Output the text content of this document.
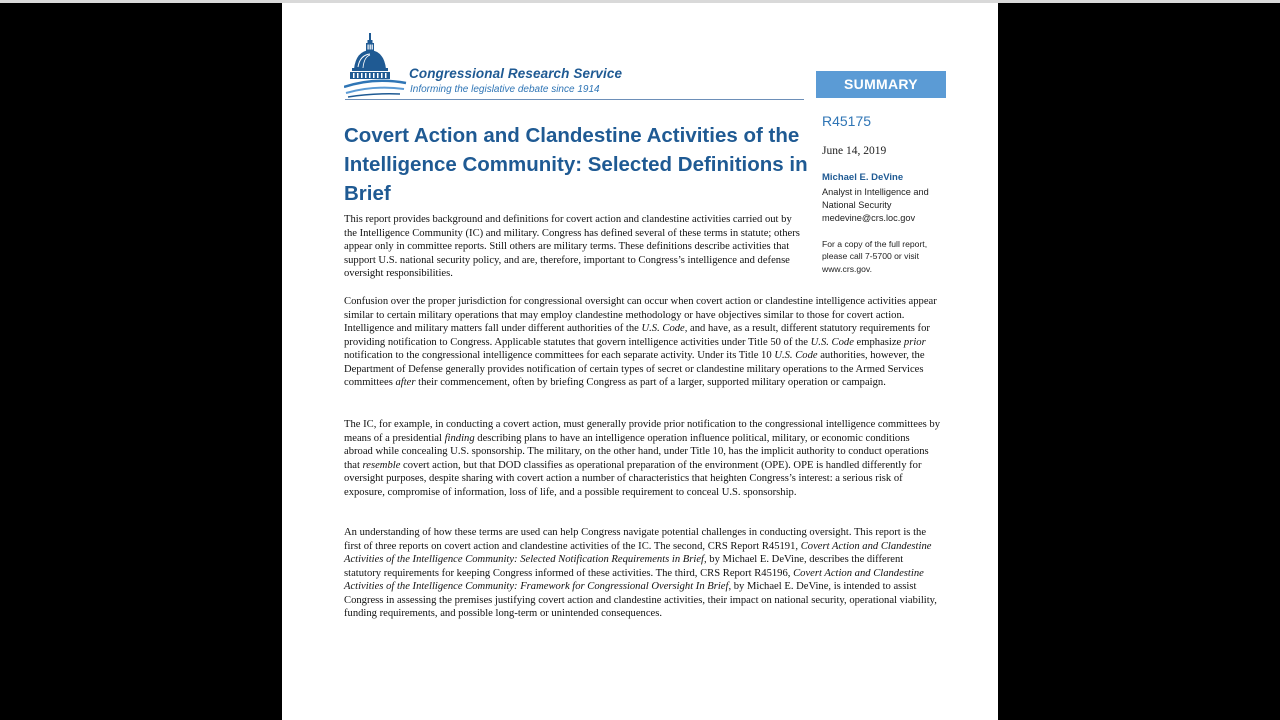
Congressional Research Service
Informing the legislative debate since 1914	SUMMARY
R45175
June 14, 2019
Michael E. DeVine
Analyst in Intelligence and
National Security
medevine@crs.loc.gov
For a copy of the full report, please call 7-5700 or visit www.crs.gov.
Covert Action and Clandestine Activities of the Intelligence Community: Selected Definitions in Brief

This report provides background and definitions for covert action and clandestine activities carried out by the Intelligence Community (IC) and military. Congress has defined several of these terms in statute; others appear only in committee reports. Still others are military terms. These definitions describe activities that support U.S. national security policy, and are, therefore, important to Congress’s intelligence and defense oversight responsibilities.

Confusion over the proper jurisdiction for congressional oversight can occur when covert action or clandestine intelligence activities appear similar to certain military operations that may employ clandestine methodology or have objectives similar to those for covert action. Intelligence and military matters fall under different authorities of the U.S. Code, and have, as a result, different statutory requirements for providing notification to Congress. Applicable statutes that govern intelligence activities under Title 50 of the U.S. Code emphasize prior notification to the congressional intelligence committees for each separate activity. Under its Title 10 U.S. Code authorities, however, the Department of Defense generally provides notification of certain types of secret or clandestine military operations to the Armed Services committees after their commencement, often by briefing Congress as part of a larger, supported military operation or campaign.

The IC, for example, in conducting a covert action, must generally provide prior notification to the congressional intelligence committees by means of a presidential finding describing plans to have an intelligence operation influence political, military, or economic conditions abroad while concealing U.S. sponsorship. The military, on the other hand, under Title 10, has the implicit authority to conduct operations that resemble covert action, but that DOD classifies as operational preparation of the environment (OPE). OPE is handled differently for oversight purposes, despite sharing with covert action a number of characteristics that heighten Congress’s interest: a serious risk of exposure, compromise of information, loss of life, and a possible requirement to conceal U.S. sponsorship.

An understanding of how these terms are used can help Congress navigate potential challenges in conducting oversight. This report is the first of three reports on covert action and clandestine activities of the IC. The second, CRS Report R45191, Covert Action and Clandestine Activities of the Intelligence Community: Selected Notification Requirements in Brief, by Michael E. DeVine, describes the different statutory requirements for keeping Congress informed of these activities. The third, CRS Report R45196, Covert Action and Clandestine Activities of the Intelligence Community: Framework for Congressional Oversight In Brief, by Michael E. DeVine, is intended to assist Congress in assessing the premises justifying covert action and clandestine activities, their impact on national security, operational viability, funding requirements, and possible long-term or unintended consequences.
